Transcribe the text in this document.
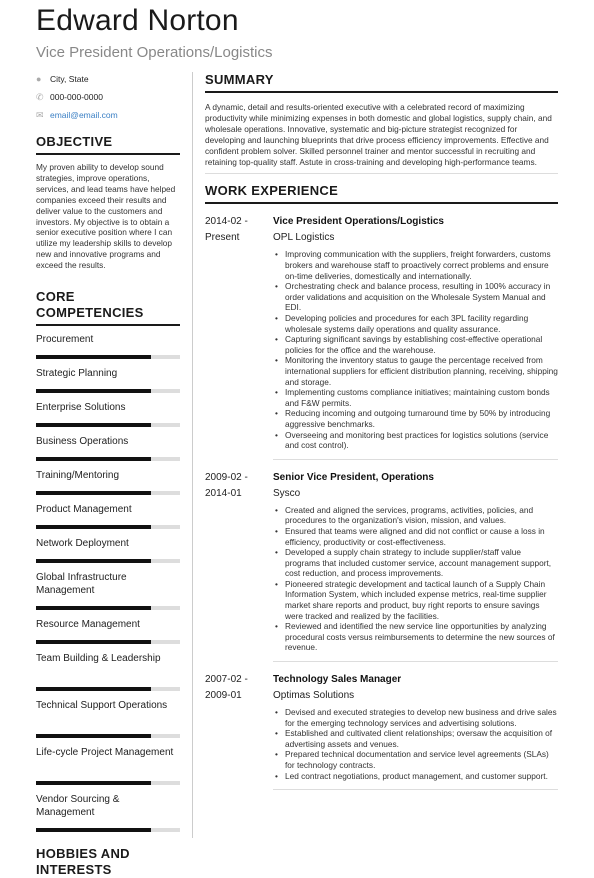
Edward Norton
Vice President Operations/Logistics
●	City, State
✆ 000-000-0000
✉ email@email.com
OBJECTIVE
My proven ability to develop sound strategies, improve operations, services, and lead teams have helped companies exceed their results and deliver value to the customers and investors. My objective is to obtain a senior executive position where I can utilize my leadership skills to develop new and innovative programs and exceed the results.
CORE COMPETENCIES
Procurement
Strategic Planning
Enterprise Solutions
Business Operations
Training/Mentoring
Product Management
Network Deployment
Global Infrastructure Management
Resource Management
Team Building & Leadership
Technical Support Operations
Life-cycle Project Management
Vendor Sourcing & Management
HOBBIES AND INTERESTS
SUMMARY
A dynamic, detail and results-oriented executive with a celebrated record of maximizing productivity while minimizing expenses in both domestic and global logistics, supply chain, and wholesale operations. Innovative, systematic and big-picture strategist recognized for developing and launching blueprints that drive process efficiency improvements. Effective and confident problem solver. Skilled personnel trainer and mentor successful in recruiting and retaining top-quality staff. Astute in cross-training and developing high-performance teams.
WORK EXPERIENCE
2014-02 -
Present
Vice President Operations/Logistics
OPL Logistics
• Improving communication with the suppliers, freight forwarders, customs brokers and warehouse staff to proactively correct problems and ensure on-time deliveries, domestically and internationally.
• Orchestrating check and balance process, resulting in 100% accuracy in order validations and acquisition on the Wholesale System Manual and EDI.
• Developing policies and procedures for each 3PL facility regarding wholesale systems daily operations and quality assurance.
• Capturing significant savings by establishing cost-effective operational policies for the office and the warehouse.
• Monitoring the inventory status to gauge the percentage received from international suppliers for efficient distribution planning, receiving, shipping and storage.
• Implementing customs compliance initiatives; maintaining custom bonds and F&W permits.
• Reducing incoming and outgoing turnaround time by 50% by introducing aggressive benchmarks.
• Overseeing and monitoring best practices for logistics solutions (service and cost control).
2009-02 -
2014-01
Senior Vice President, Operations
Sysco
• Created and aligned the services, programs, activities, policies, and procedures to the organization's vision, mission, and values.
• Ensured that teams were aligned and did not conflict or cause a loss in efficiency, productivity or cost-effectiveness.
• Developed a supply chain strategy to include supplier/staff value programs that included customer service, account management support, cost reduction, and process improvements.
• Pioneered strategic development and tactical launch of a Supply Chain Information System, which included expense metrics, real-time supplier market share reports and product, buy right reports to ensure savings were tracked and realized by the facilities.
• Reviewed and identified the new service line opportunities by analyzing procedural costs versus reimbursements to determine the new sources of revenue.
2007-02 -
2009-01
Technology Sales Manager
Optimas Solutions
• Devised and executed strategies to develop new business and drive sales for the emerging technology services and advertising solutions.
• Established and cultivated client relationships; oversaw the acquisition of advertising assets and venues.
• Prepared technical documentation and service level agreements (SLAs) for technology contracts.
• Led contract negotiations, product management, and customer support.
